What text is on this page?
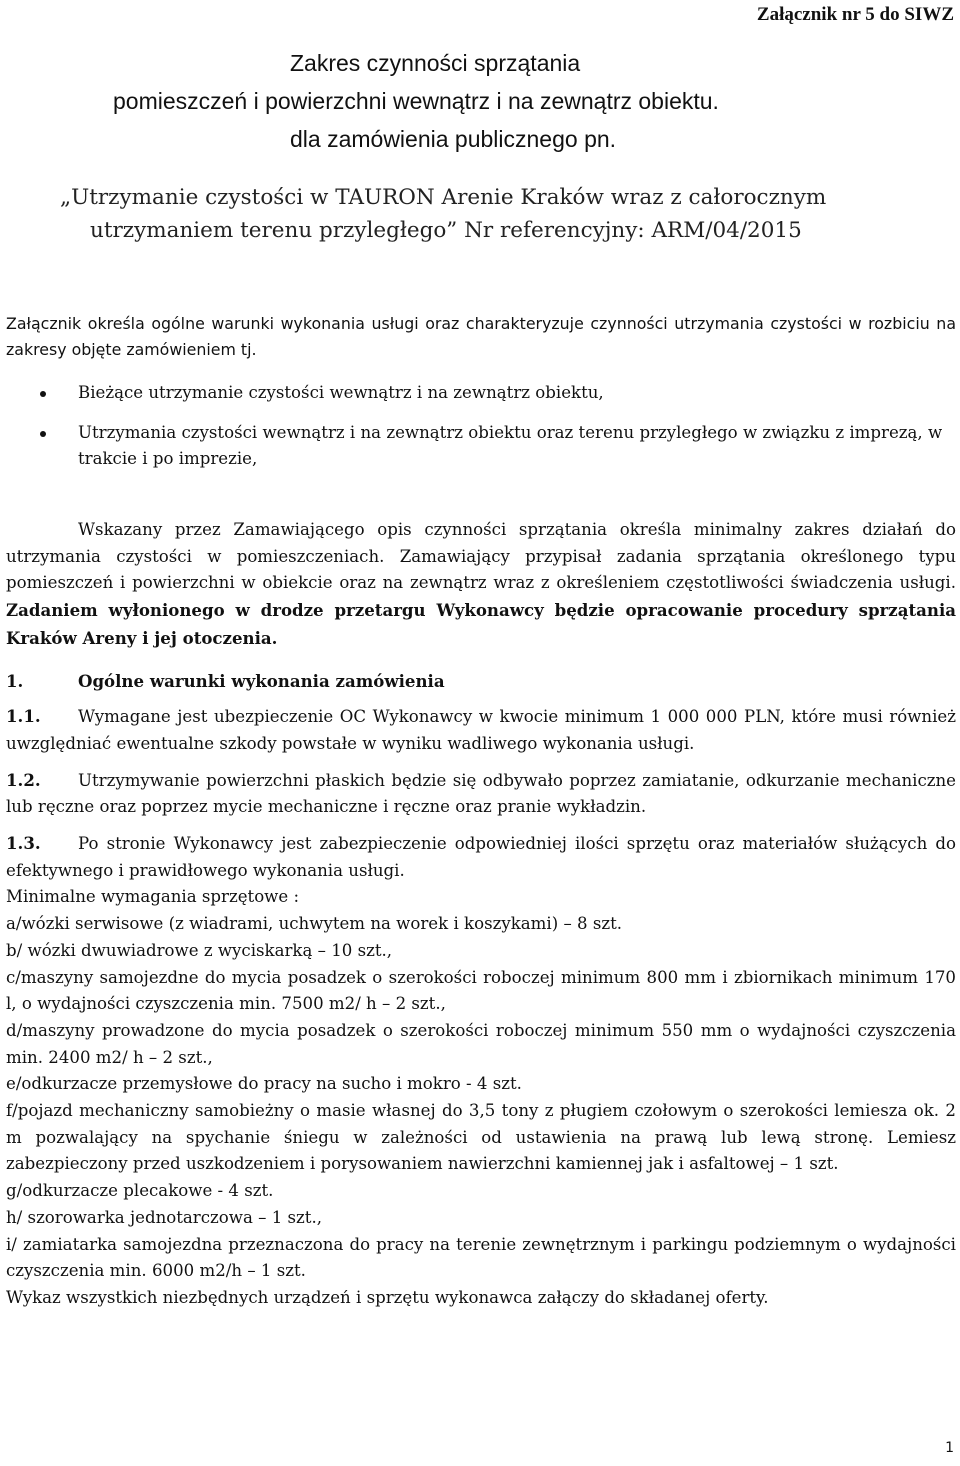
Załącznik nr 5 do SIWZ
Zakres czynności sprzątania
pomieszczeń i powierzchni wewnątrz i na zewnątrz obiektu.
dla zamówienia publicznego pn.
„Utrzymanie czystości w TAURON Arenie Kraków wraz z całorocznym
utrzymaniem terenu przyległego” Nr referencyjny: ARM/04/2015
Załącznik określa ogólne warunki wykonania usługi oraz charakteryzuje czynności utrzymania czystości w rozbiciu na zakresy objęte zamówieniem tj.
Bieżące utrzymanie czystości wewnątrz i na zewnątrz obiektu,
Utrzymania czystości wewnątrz i na zewnątrz obiektu oraz terenu przyległego w związku z imprezą, w trakcie i po imprezie,
Wskazany przez Zamawiającego opis czynności sprzątania określa minimalny zakres działań do utrzymania czystości w pomieszczeniach. Zamawiający przypisał zadania sprzątania określonego typu pomieszczeń i powierzchni w obiekcie oraz na zewnątrz wraz z określeniem częstotliwości świadczenia usługi. Zadaniem wyłonionego w drodze przetargu Wykonawcy będzie opracowanie procedury sprzątania Kraków Areny i jej otoczenia.
1.	Ogólne warunki wykonania zamówienia
1.1. Wymagane jest ubezpieczenie OC Wykonawcy w kwocie minimum 1 000 000 PLN, które musi również uwzględniać ewentualne szkody powstałe w wyniku wadliwego wykonania usługi.
1.2. Utrzymywanie powierzchni płaskich będzie się odbywało poprzez zamiatanie, odkurzanie mechaniczne lub ręczne oraz poprzez mycie mechaniczne i ręczne oraz pranie wykładzin.
1.3. Po stronie Wykonawcy jest zabezpieczenie odpowiedniej ilości sprzętu oraz materiałów służących do efektywnego i prawidłowego wykonania usługi.
Minimalne wymagania sprzętowe :
a/wózki serwisowe (z wiadrami, uchwytem na worek i koszykami) – 8 szt.
b/ wózki dwuwiadrowe z wyciskarką – 10 szt.,
c/maszyny samojezdne do mycia posadzek o szerokości roboczej minimum 800 mm i zbiornikach minimum 170 l, o wydajności czyszczenia min. 7500 m2/ h – 2 szt.,
d/maszyny prowadzone do mycia posadzek o szerokości roboczej minimum 550 mm o wydajności czyszczenia min. 2400 m2/ h – 2 szt.,
e/odkurzacze przemysłowe do pracy na sucho i mokro - 4 szt.
f/pojazd mechaniczny samobieżny o masie własnej do 3,5 tony z pługiem czołowym o szerokości lemiesza ok. 2 m pozwalający na spychanie śniegu w zależności od ustawienia na prawą lub lewą stronę. Lemiesz zabezpieczony przed uszkodzeniem i porysowaniem nawierzchni kamiennej jak i asfaltowej – 1 szt.
g/odkurzacze plecakowe - 4 szt.
h/ szorowarka jednotarczowa – 1 szt.,
i/ zamiatarka samojezdna przeznaczona do pracy na terenie zewnętrznym i parkingu podziemnym o wydajności czyszczenia min. 6000 m2/h – 1 szt.
Wykaz wszystkich niezbędnych urządzeń i sprzętu wykonawca załączy do składanej oferty.
1
